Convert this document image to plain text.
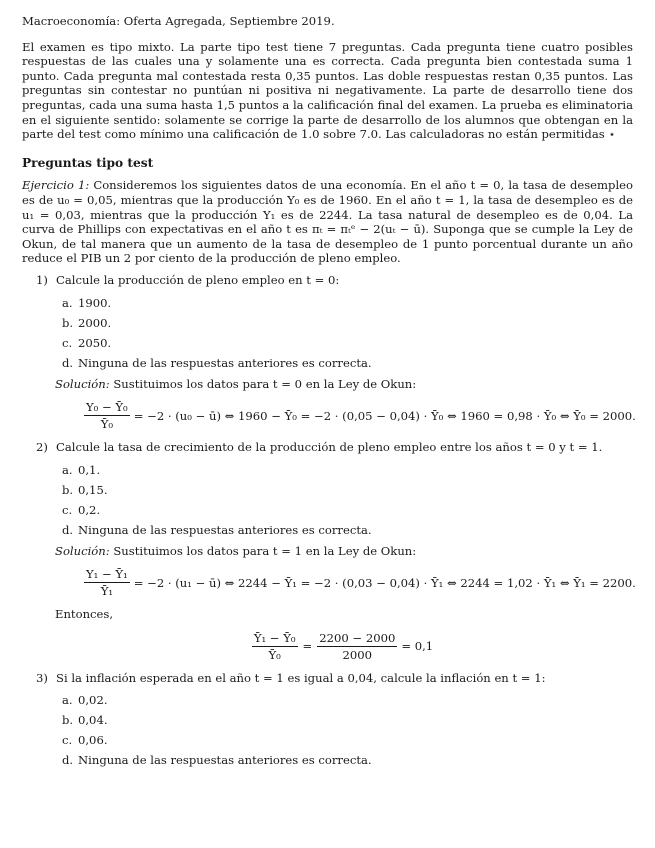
Macroeconomía: Oferta Agregada, Septiembre 2019.
El examen es tipo mixto. La parte tipo test tiene 7 preguntas. Cada pregunta tiene cuatro posibles respuestas de las cuales una y solamente una es correcta. Cada pregunta bien contestada suma 1 punto. Cada pregunta mal contestada resta 0,35 puntos. Las doble respuestas restan 0,35 puntos. Las preguntas sin contestar no puntúan ni positiva ni negativamente. La parte de desarrollo tiene dos preguntas, cada una suma hasta 1,5 puntos a la calificación final del examen. La prueba es eliminatoria en el siguiente sentido: solamente se corrige la parte de desarrollo de los alumnos que obtengan en la parte del test como mínimo una calificación de 1.0 sobre 7.0. Las calculadoras no están permitidas ⋆
Preguntas tipo test
Ejercicio 1: Consideremos los siguientes datos de una economía. En el año t = 0, la tasa de desempleo es de u₀ = 0,05, mientras que la producción Y₀ es de 1960. En el año t = 1, la tasa de desempleo es de u₁ = 0,03, mientras que la producción Y₁ es de 2244. La tasa natural de desempleo es de 0,04. La curva de Phillips con expectativas en el año t es πₜ = πₜᵉ − 2(uₜ − ū). Suponga que se cumple la Ley de Okun, de tal manera que un aumento de la tasa de desempleo de 1 punto porcentual durante un año reduce el PIB un 2 por ciento de la producción de pleno empleo.
1) Calcule la producción de pleno empleo en t = 0:
a. 1900.
b. 2000.
c. 2050.
d. Ninguna de las respuestas anteriores es correcta.
Solución: Sustituimos los datos para t = 0 en la Ley de Okun:
$\frac{\text{Y₀ − Ȳ₀}}{\text{Ȳ₀}} = -2 \cdot (u_0$ − ū) ⇔ 1960 − Ȳ₀ = −2 · (0,05 − 0,04) · Ȳ₀ ⇔ 1960 = 0,98 · Ȳ₀ ⇔ Ȳ₀ = 2000.
2) Calcule la tasa de crecimiento de la producción de pleno empleo entre los años t = 0 y t = 1.
a. 0,1.
b. 0,15.
c. 0,2.
d. Ninguna de las respuestas anteriores es correcta.
Solución: Sustituimos los datos para t = 1 en la Ley de Okun:
$\frac{\text{Y₁ − Ȳ₁}}{\text{Ȳ₁}} = -2 \cdot (u_1$ − ū) ⇔ 2244 − Ȳ₁ = −2 · (0,03 − 0,04) · Ȳ₁ ⇔ 2244 = 1,02 · Ȳ₁ ⇔ Ȳ₁ = 2200.
Entonces,
$\frac{\text{Ȳ₁ − Ȳ₀}}{\text{Ȳ₀}} = \frac{2200 - 2000}{2000} = 0,1$
3) Si la inflación esperada en el año t = 1 es igual a 0,04, calcule la inflación en t = 1:
a. 0,02.
b. 0,04.
c. 0,06.
d. Ninguna de las respuestas anteriores es correcta.
